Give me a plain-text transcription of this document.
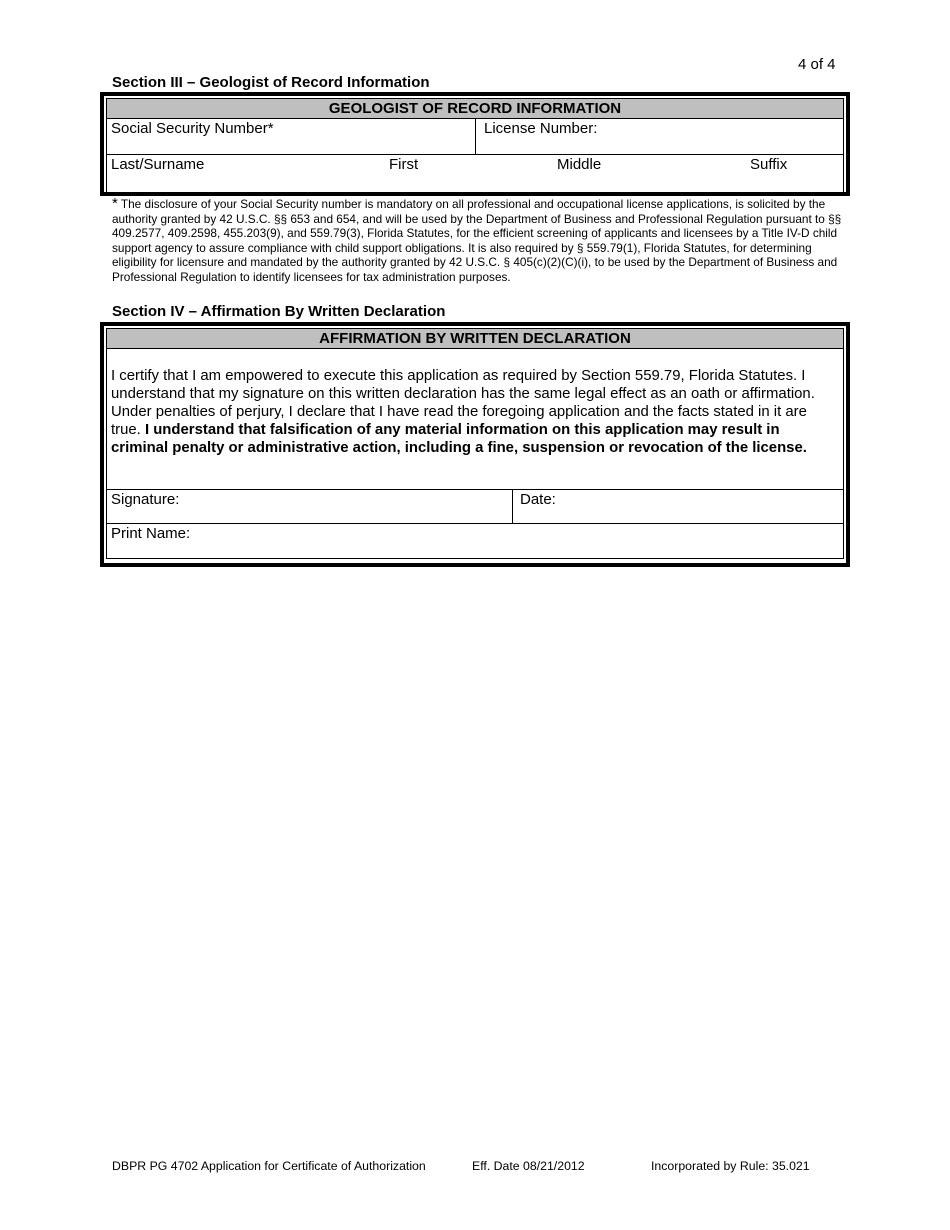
4 of 4
Section III – Geologist of Record Information
GEOLOGIST OF RECORD INFORMATION
Social Security Number*	License Number:
Last/Surname	First	Middle	Suffix
* The disclosure of your Social Security number is mandatory on all professional and occupational license applications, is solicited by the authority granted by 42 U.S.C. §§ 653 and 654, and will be used by the Department of Business and Professional Regulation pursuant to §§ 409.2577, 409.2598, 455.203(9), and 559.79(3), Florida Statutes, for the efficient screening of applicants and licensees by a Title IV-D child support agency to assure compliance with child support obligations. It is also required by § 559.79(1), Florida Statutes, for determining eligibility for licensure and mandated by the authority granted by 42 U.S.C. § 405(c)(2)(C)(i), to be used by the Department of Business and Professional Regulation to identify licensees for tax administration purposes.
Section IV – Affirmation By Written Declaration
AFFIRMATION BY WRITTEN DECLARATION
I certify that I am empowered to execute this application as required by Section 559.79, Florida Statutes. I understand that my signature on this written declaration has the same legal effect as an oath or affirmation. Under penalties of perjury, I declare that I have read the foregoing application and the facts stated in it are true. I understand that falsification of any material information on this application may result in criminal penalty or administrative action, including a fine, suspension or revocation of the license.
Signature:	Date:
Print Name:
DBPR PG 4702 Application for Certificate of Authorization	Eff. Date 08/21/2012	Incorporated by Rule: 35.021
